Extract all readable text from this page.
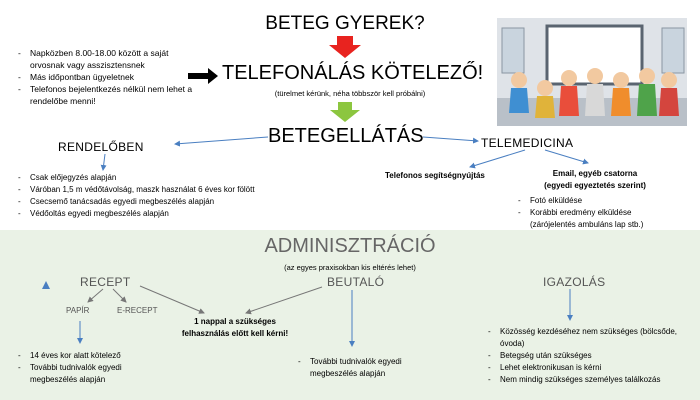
BETEG GYEREK?
TELEFONÁLÁS KÖTELEZŐ!
(türelmet kérünk, néha többször kell próbálni)
- Napközben 8.00-18.00 között a saját orvosnak vagy asszisztensnek
- Más időpontban ügyeletnek
- Telefonos bejelentkezés nélkül nem lehet a rendelőbe menni!
BETEGELLÁTÁS
RENDELŐBEN
- Csak előjegyzés alapján
- Váróban 1,5 m védőtávolság, maszk használat 6 éves kor fölött
- Csecsemő tanácsadás egyedi megbeszélés alapján
- Védőoltás egyedi megbeszélés alapján
TELEMEDICINA
Telefonos segítségnyújtás	Email, egyéb csatorna
(egyedi egyeztetés szerint)
- Fotó elküldése
- Korábbi eredmény elküldése (zárójelentés ambuláns lap stb.)
ADMINISZTRÁCIÓ
(az egyes praxisokban kis eltérés lehet)
RECEPT
PAPÍR	E-RECEPT
1 nappal a szükséges felhasználás előtt kell kérni!
- 14 éves kor alatt kötelező
- További tudnivalók egyedi megbeszélés alapján
BEUTALÓ
- További tudnivalók egyedi megbeszélés alapján
IGAZOLÁS
- Közösség kezdéséhez nem szükséges (bölcsőde, óvoda)
- Betegség után szükséges
- Lehet elektronikusan is kérni
- Nem mindig szükséges személyes találkozás
